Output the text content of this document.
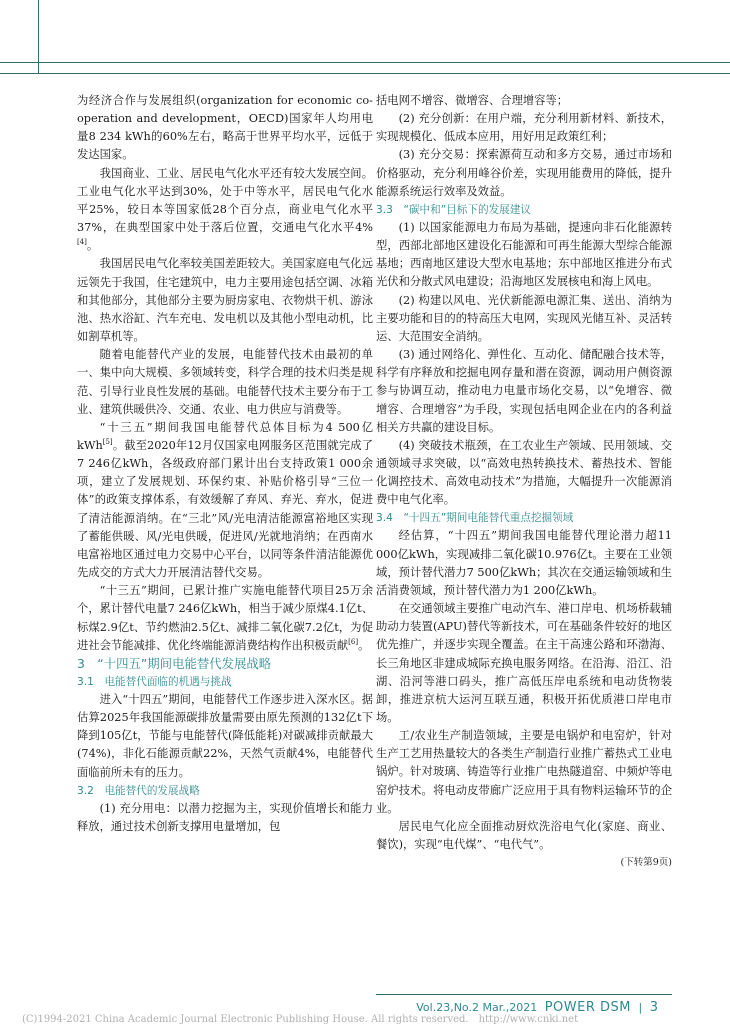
为经济合作与发展组织(organization for economic co-operation and development，OECD)国家年人均用电量8 234 kWh的60%左右，略高于世界平均水平，远低于发达国家。

我国商业、工业、居民电气化水平还有较大发展空间。工业电气化水平达到30%，处于中等水平，居民电气化水平25%，较日本等国家低28个百分点，商业电气化水平37%，在典型国家中处于落后位置，交通电气化水平4%[4]。

我国居民电气化率较美国差距较大。美国家庭电气化远远领先于我国，住宅建筑中，电力主要用途包括空调、冰箱和其他部分，其他部分主要为厨房家电、衣物烘干机、游泳池、热水浴缸、汽车充电、发电机以及其他小型电动机，比如割草机等。

随着电能替代产业的发展，电能替代技术由最初的单一、集中向大规模、多领域转变，科学合理的技术归类是规范、引导行业良性发展的基础。电能替代技术主要分布于工业、建筑供暖供冷、交通、农业、电力供应与消费等。

“十三五”期间我国电能替代总体目标为4 500亿kWh[5]。截至2020年12月仅国家电网服务区范围就完成了7 246亿kWh，各级政府部门累计出台支持政策1 000余项，建立了发展规划、环保约束、补贴价格引导“三位一体”的政策支撑体系，有效缓解了弃风、弃光、弃水，促进了清洁能源消纳。在“三北”风/光电清洁能源富裕地区实现了蓄能供暖、风/光电供暖，促进风/光就地消纳；在西南水电富裕地区通过电力交易中心平台，以同等条件清洁能源优先成交的方式大力开展清洁替代交易。

“十三五”期间，已累计推广实施电能替代项目25万余个，累计替代电量7 246亿kWh，相当于减少原煤4.1亿t、标煤2.9亿t、节约燃油2.5亿t、减排二氧化碳7.2亿t，为促进社会节能减排、优化终端能源消费结构作出积极贡献[6]。

3　“十四五”期间电能替代发展战略

3.1　电能替代面临的机遇与挑战

进入“十四五”期间，电能替代工作逐步进入深水区。据估算2025年我国能源碳排放量需要由原先预测的132亿t下降到105亿t，节能与电能替代(降低能耗)对碳减排贡献最大(74%)，非化石能源贡献22%，天然气贡献4%，电能替代面临前所未有的压力。

3.2　电能替代的发展战略

(1) 充分用电：以潜力挖掘为主，实现价值增长和能力释放，通过技术创新支撑用电量增加，包

括电网不增容、微增容、合理增容等；

(2) 充分创新：在用户端，充分利用新材料、新技术，实现规模化、低成本应用，用好用足政策红利；

(3) 充分交易：探索源荷互动和多方交易，通过市场和价格驱动，充分利用峰谷价差，实现用能费用的降低，提升能源系统运行效率及效益。

3.3　“碳中和”目标下的发展建议

(1) 以国家能源电力布局为基础，提速向非石化能源转型，西部北部地区建设化石能源和可再生能源大型综合能源基地；西南地区建设大型水电基地；东中部地区推进分布式光伏和分散式风电建设；沿海地区发展核电和海上风电。

(2) 构建以风电、光伏新能源电源汇集、送出、消纳为主要功能和目的的特高压大电网，实现风光储互补、灵活转运、大范围安全消纳。

(3) 通过网络化、弹性化、互动化、储配融合技术等，科学有序释放和挖掘电网存量和潜在资源，调动用户侧资源参与协调互动，推动电力电量市场化交易，以“免增容、微增容、合理增容”为手段，实现包括电网企业在内的各利益相关方共赢的建设目标。

(4) 突破技术瓶颈，在工农业生产领域、民用领域、交通领域寻求突破，以“高效电热转换技术、蓄热技术、智能化调控技术、高效电动技术”为措施，大幅提升一次能源消费中电气化率。

3.4　“十四五”期间电能替代重点挖掘领域

经估算，“十四五”期间我国电能替代理论潜力超11 000亿kWh，实现减排二氧化碳10.976亿t。主要在工业领域，预计替代潜力7 500亿kWh；其次在交通运输领域和生活消费领域，预计替代潜力为1 200亿kWh。

在交通领域主要推广电动汽车、港口岸电、机场桥载辅助动力装置(APU)替代等新技术，可在基础条件较好的地区优先推广，并逐步实现全覆盖。在主干高速公路和环渤海、长三角地区非建成城际充换电服务网络。在沿海、沿江、沿湖、沿河等港口码头，推广高低压岸电系统和电动货物装卸，推进京杭大运河互联互通，积极开拓优质港口岸电市场。

工/农业生产制造领域，主要是电锅炉和电窑炉，针对生产工艺用热量较大的各类生产制造行业推广蓄热式工业电锅炉。针对玻璃、铸造等行业推广电热隧道窑、中频炉等电窑炉技术。将电动皮带廊广泛应用于具有物料运输环节的企业。

居民电气化应全面推动厨炊洗浴电气化(家庭、商业、餐饮)，实现“电代煤”、“电代气”。

(下转第9页)

Vol.23,No.2 Mar.,2021 POWER DSM | 3
(C)1994-2021 China Academic Journal Electronic Publishing House. All rights reserved.　http://www.cnki.net
